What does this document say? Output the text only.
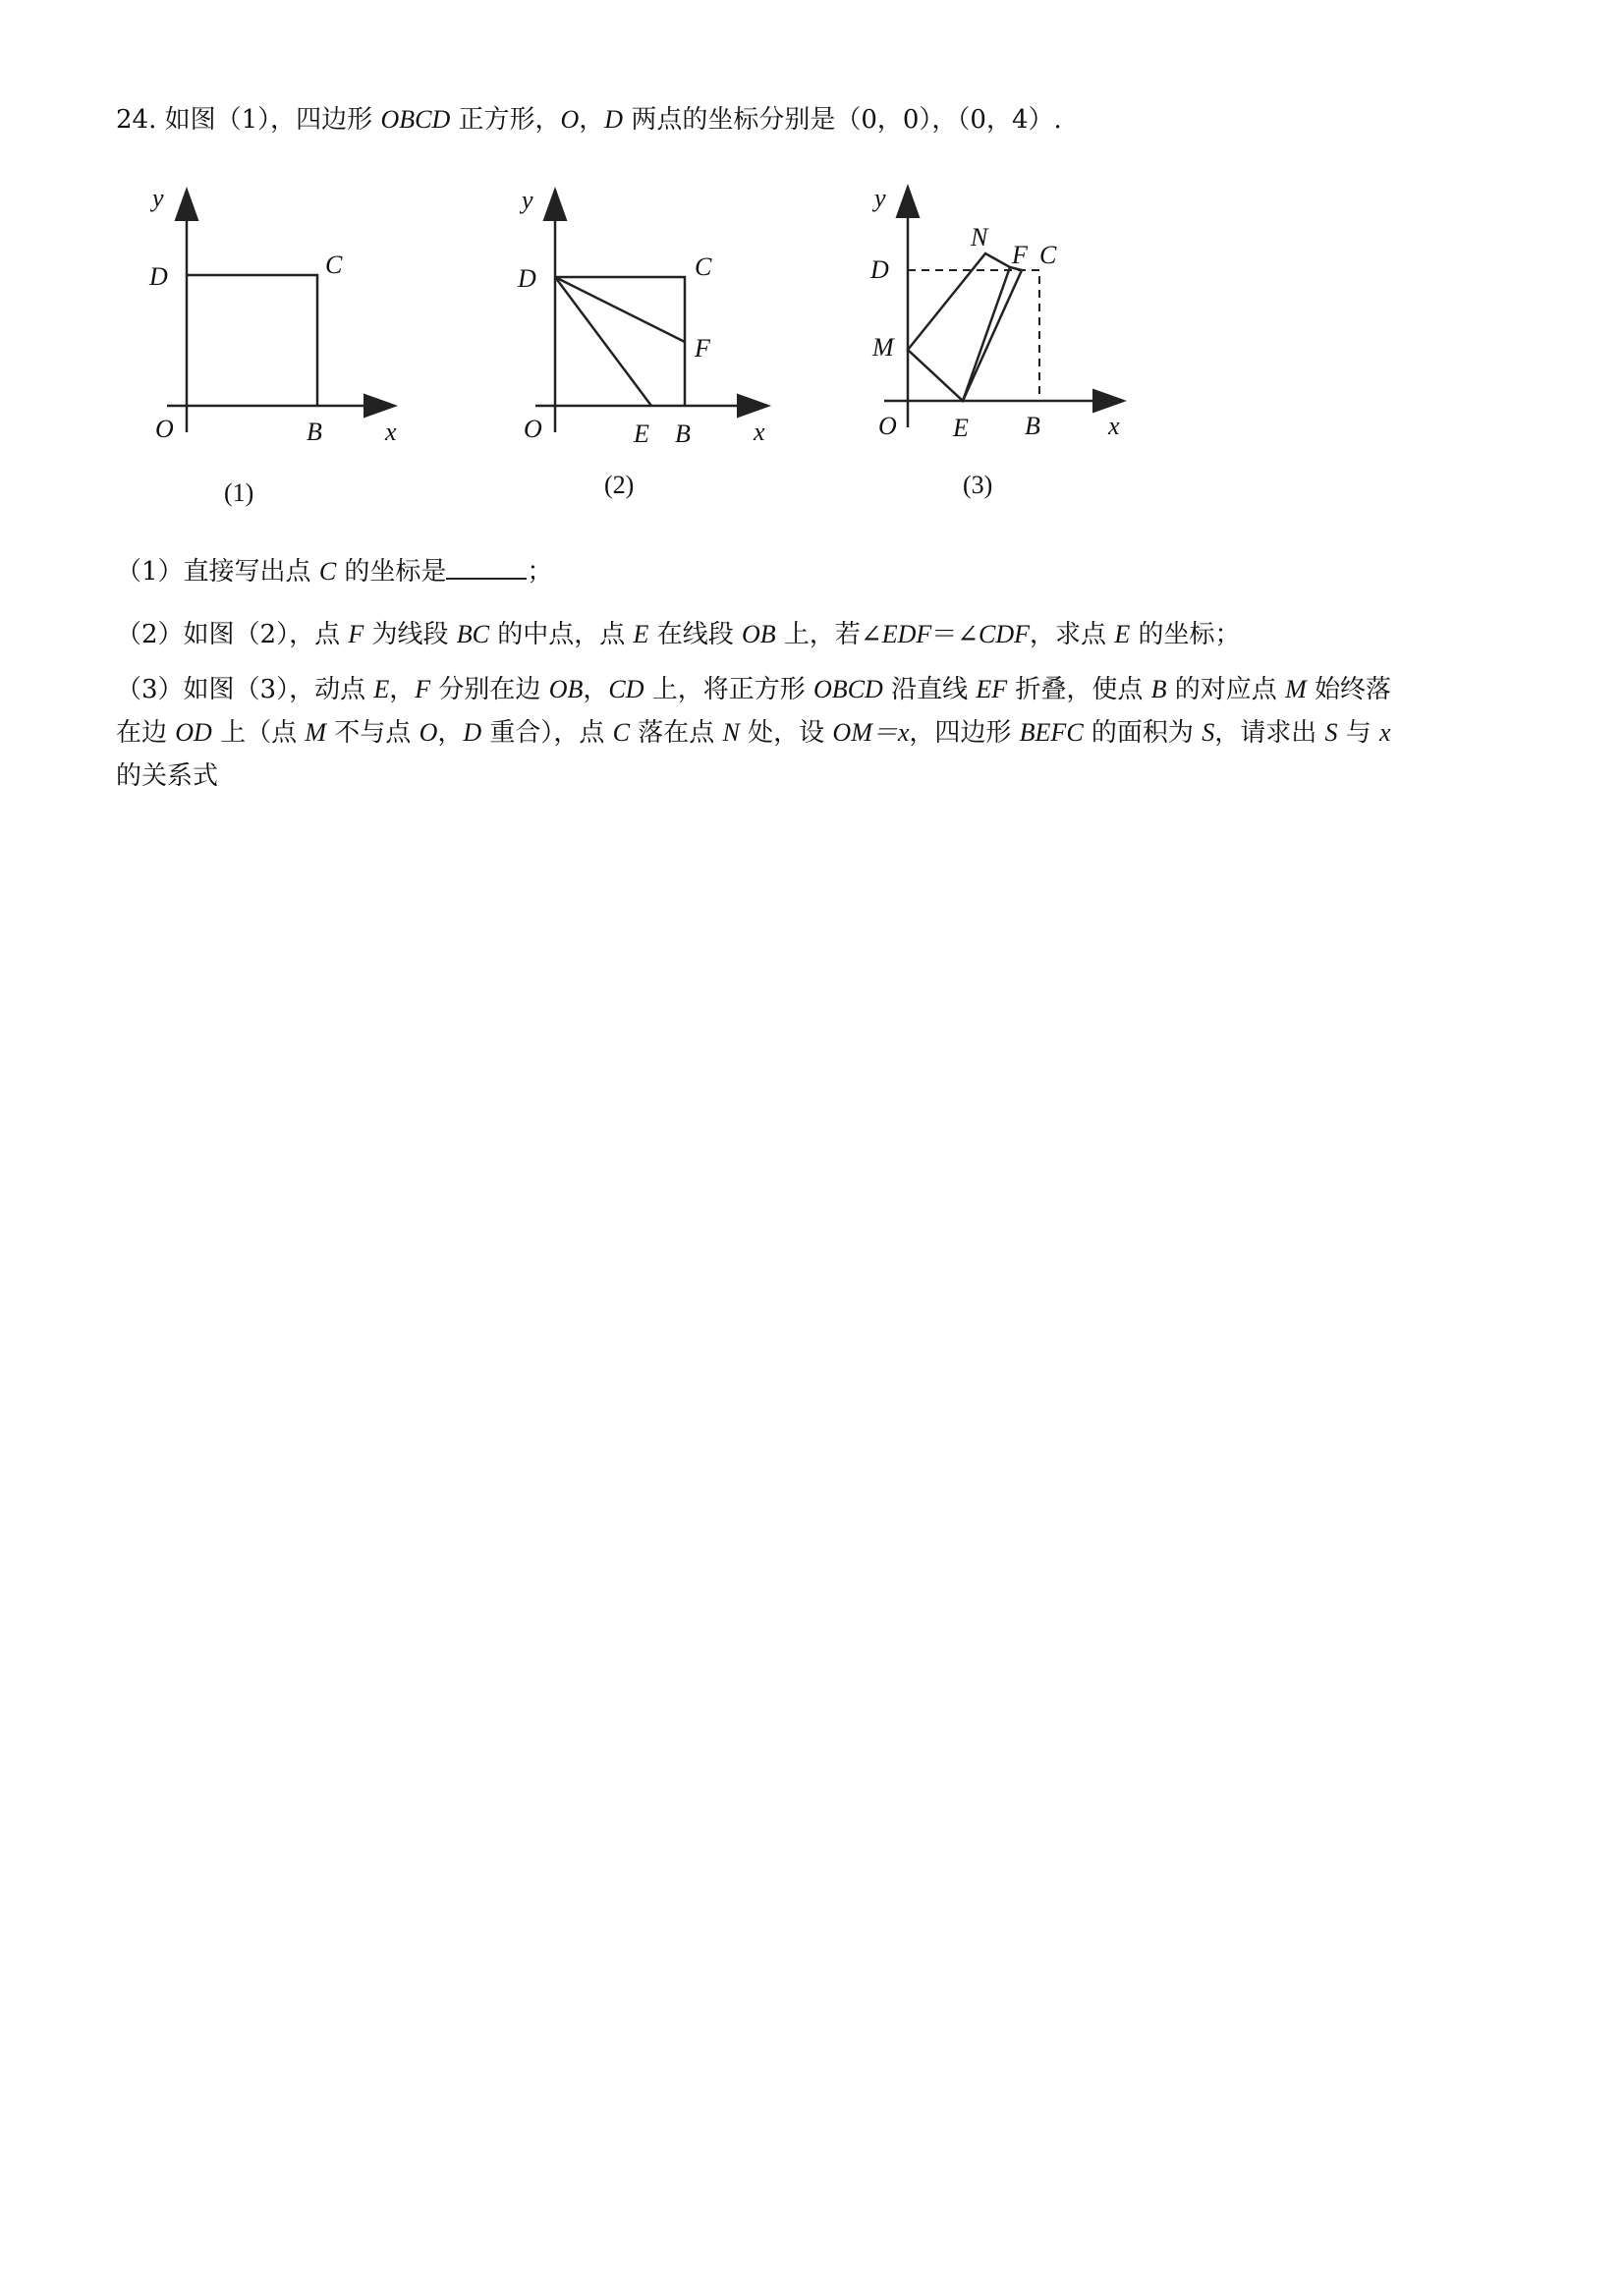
24. 如图（1），四边形 OBCD 正方形，O，D 两点的坐标分别是（0，0），（0，4）.
y
x
O	B
C
D
(1)
y
x
O	E B
C
F
D
(2)
y
x
O E B
M
D
N
F C
(3)
（1）直接写出点 C 的坐标是	；
（2）如图（2），点 F 为线段 BC 的中点，点 E 在线段 OB 上，若∠EDF＝∠CDF，求点 E 的坐标；
（3）如图（3），动点 E，F 分别在边 OB，CD 上，将正方形 OBCD 沿直线 EF 折叠，使点 B 的对应点 M 始终落
在边 OD 上（点 M 不与点 O，D 重合），点 C 落在点 N 处，设 OM＝x，四边形 BEFC 的面积为 S，请求出 S 与 x
的关系式
